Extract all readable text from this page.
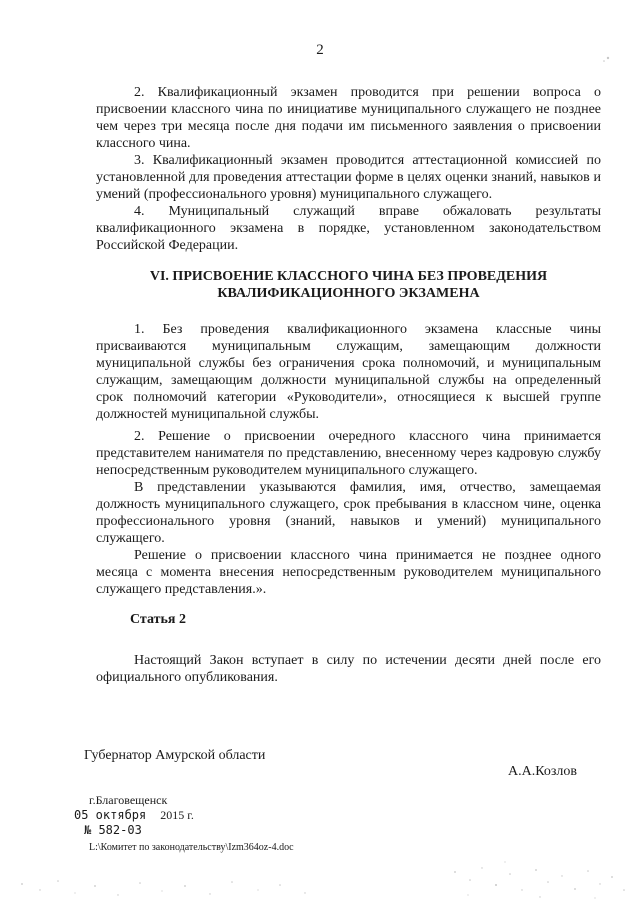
2

2. Квалификационный экзамен проводится при решении вопроса о присвоении классного чина по инициативе муниципального служащего не позднее чем через три месяца после дня подачи им письменного заявления о присвоении классного чина.

3. Квалификационный экзамен проводится аттестационной комиссией по установленной для проведения аттестации форме в целях оценки знаний, навыков и умений (профессионального уровня) муниципального служащего.

4. Муниципальный служащий вправе обжаловать результаты квалификационного экзамена в порядке, установленном законодательством Российской Федерации.

VI. ПРИСВОЕНИЕ КЛАССНОГО ЧИНА БЕЗ ПРОВЕДЕНИЯ
КВАЛИФИКАЦИОННОГО ЭКЗАМЕНА

1. Без проведения квалификационного экзамена классные чины присваиваются муниципальным служащим, замещающим должности муниципальной службы без ограничения срока полномочий, и муниципальным служащим, замещающим должности муниципальной службы на определенный срок полномочий категории «Руководители», относящиеся к высшей группе должностей муниципальной службы.

2. Решение о присвоении очередного классного чина принимается представителем нанимателя по представлению, внесенному через кадровую службу непосредственным руководителем муниципального служащего.

В представлении указываются фамилия, имя, отчество, замещаемая должность муниципального служащего, срок пребывания в классном чине, оценка профессионального уровня (знаний, навыков и умений) муниципального служащего.

Решение о присвоении классного чина принимается не позднее одного месяца с момента внесения непосредственным руководителем муниципального служащего представления.».

Статья 2

Настоящий Закон вступает в силу по истечении десяти дней после его официального опубликования.

Губернатор Амурской области
А.А.Козлов
г.Благовещенск
05 октября 2015 г.
№ 582-03
L:\Комитет по законодательству\Izm364oz-4.doc
